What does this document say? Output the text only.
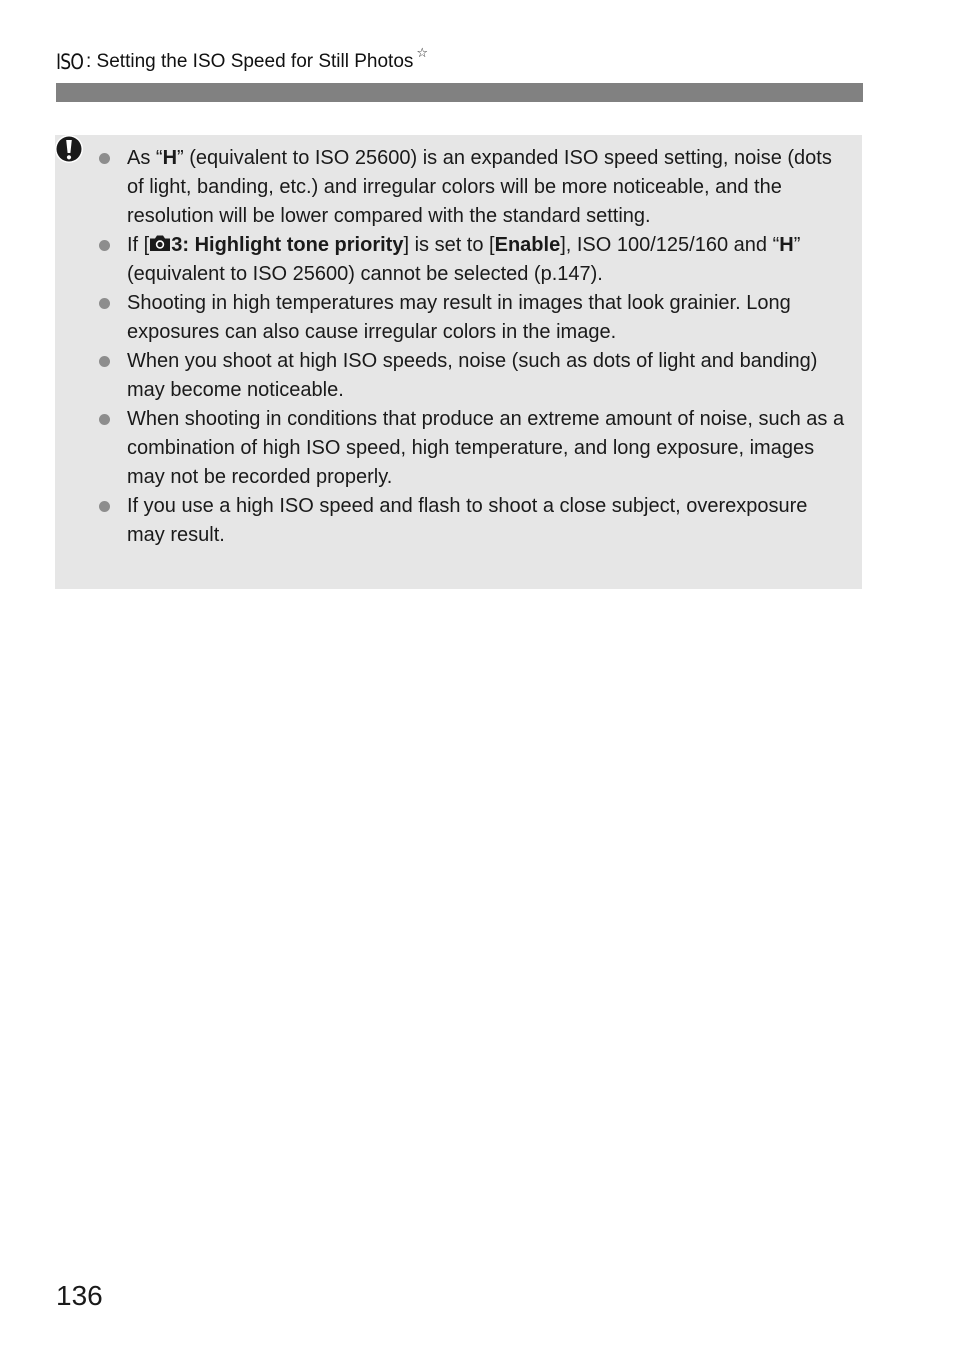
ISO : Setting the ISO Speed for Still Photos ☆
As “H” (equivalent to ISO 25600) is an expanded ISO speed setting, noise (dots of light, banding, etc.) and irregular colors will be more noticeable, and the resolution will be lower compared with the standard setting.
If [ 3: Highlight tone priority] is set to [Enable], ISO 100/125/160 and “H” (equivalent to ISO 25600) cannot be selected (p.147).
Shooting in high temperatures may result in images that look grainier. Long exposures can also cause irregular colors in the image.
When you shoot at high ISO speeds, noise (such as dots of light and banding) may become noticeable.
When shooting in conditions that produce an extreme amount of noise, such as a combination of high ISO speed, high temperature, and long exposure, images may not be recorded properly.
If you use a high ISO speed and flash to shoot a close subject, overexposure may result.
136
